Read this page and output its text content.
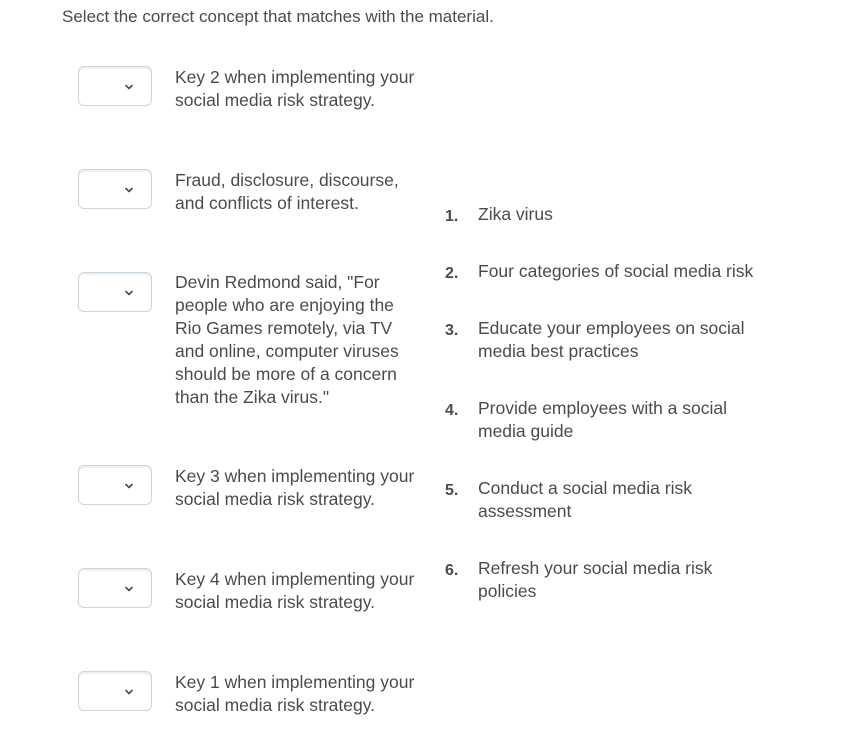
Select the correct concept that matches with the material.
Key 2 when implementing your social media risk strategy.
Fraud, disclosure, discourse, and conflicts of interest.
Devin Redmond said, "For people who are enjoying the Rio Games remotely, via TV and online, computer viruses should be more of a concern than the Zika virus."
Key 3 when implementing your social media risk strategy.
Key 4 when implementing your social media risk strategy.
Key 1 when implementing your social media risk strategy.
1.	Zika virus
2.	Four categories of social media risk
3.	Educate your employees on social media best practices
4.	Provide employees with a social media guide
5.	Conduct a social media risk assessment
6.	Refresh your social media risk policies
